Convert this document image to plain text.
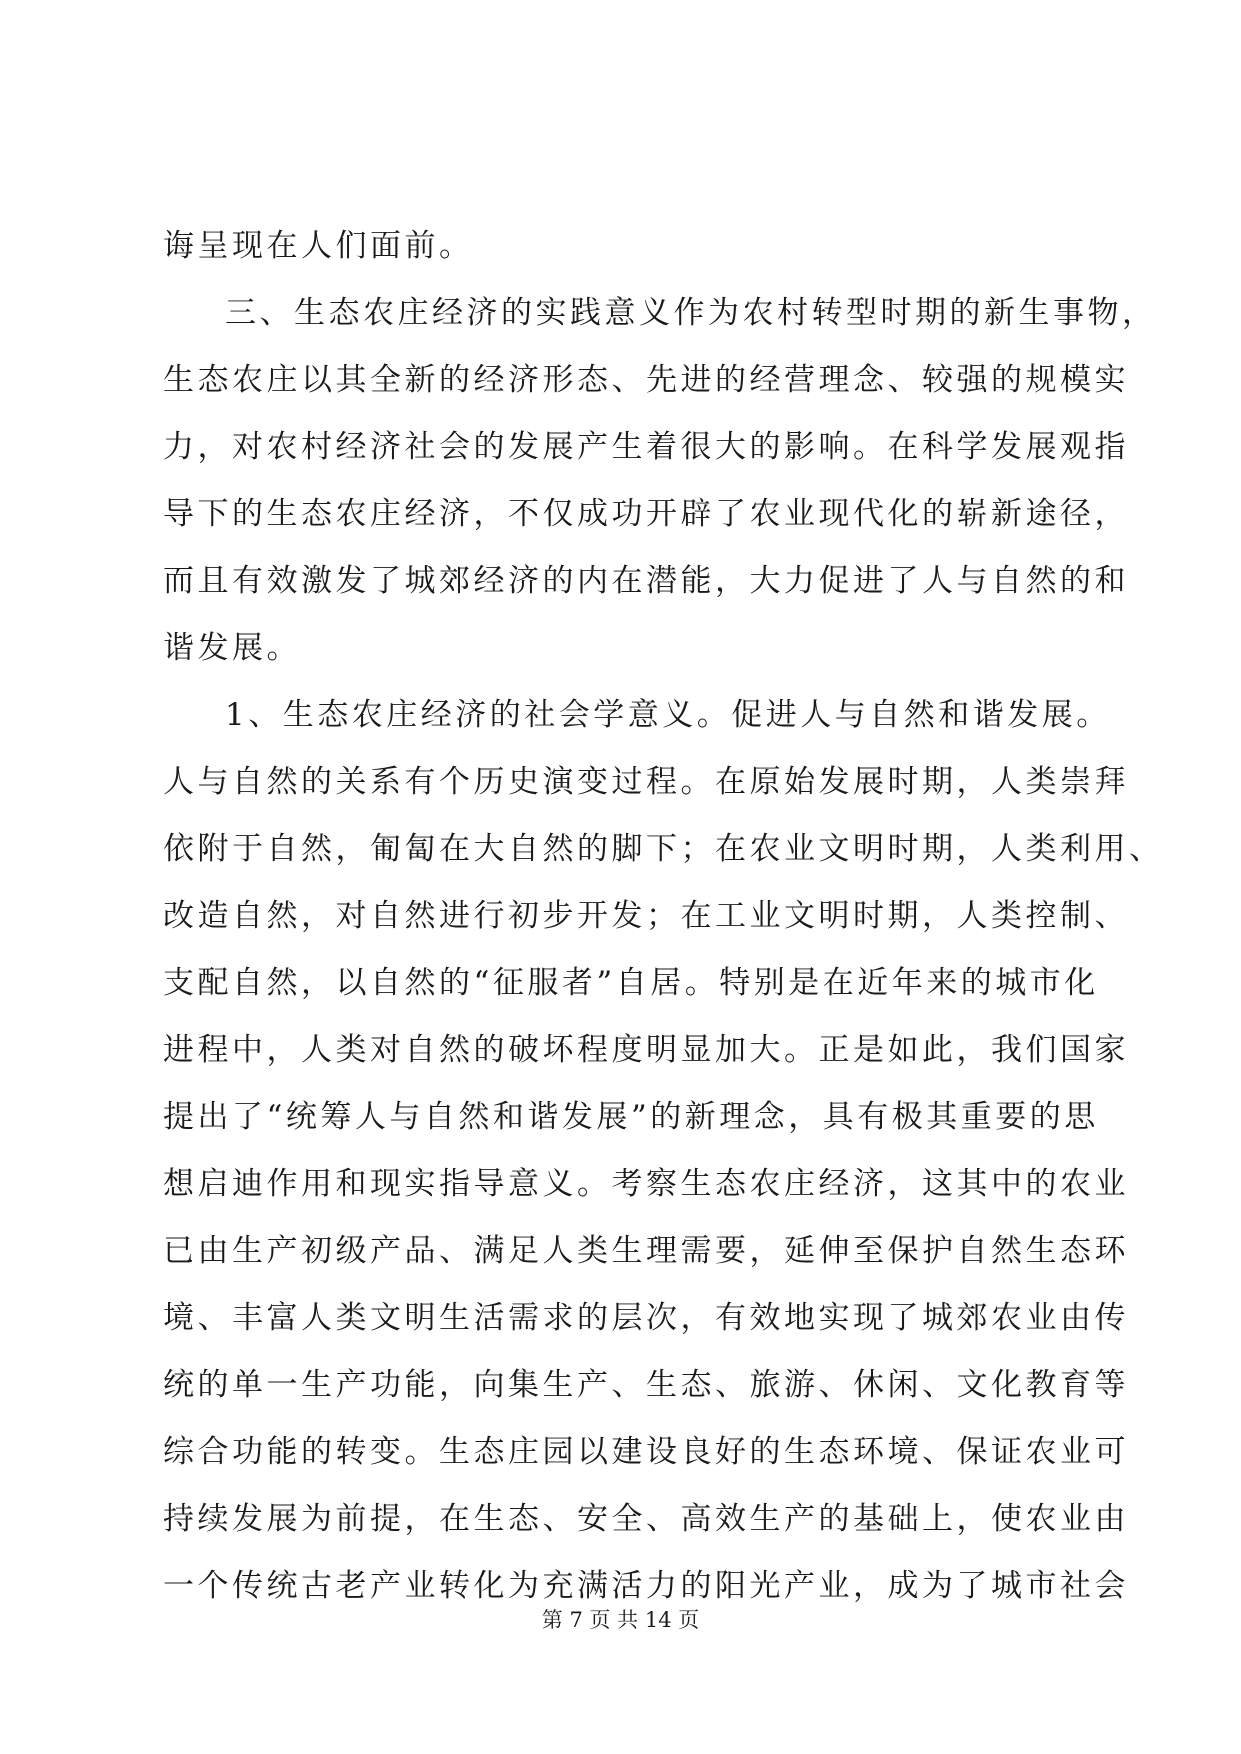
诲呈现在人们面前。
三、生态农庄经济的实践意义作为农村转型时期的新生事物，
生态农庄以其全新的经济形态、先进的经营理念、较强的规模实
力，对农村经济社会的发展产生着很大的影响。在科学发展观指
导下的生态农庄经济，不仅成功开辟了农业现代化的崭新途径，
而且有效激发了城郊经济的内在潜能，大力促进了人与自然的和
谐发展。
1、生态农庄经济的社会学意义。促进人与自然和谐发展。
人与自然的关系有个历史演变过程。在原始发展时期，人类崇拜
依附于自然，匍匐在大自然的脚下；在农业文明时期，人类利用、
改造自然，对自然进行初步开发；在工业文明时期，人类控制、
支配自然，以自然的“征服者”自居。特别是在近年来的城市化
进程中，人类对自然的破坏程度明显加大。正是如此，我们国家
提出了“统筹人与自然和谐发展”的新理念，具有极其重要的思
想启迪作用和现实指导意义。考察生态农庄经济，这其中的农业
已由生产初级产品、满足人类生理需要，延伸至保护自然生态环
境、丰富人类文明生活需求的层次，有效地实现了城郊农业由传
统的单一生产功能，向集生产、生态、旅游、休闲、文化教育等
综合功能的转变。生态庄园以建设良好的生态环境、保证农业可
持续发展为前提，在生态、安全、高效生产的基础上，使农业由
一个传统古老产业转化为充满活力的阳光产业，成为了城市社会
第 7 页 共 14 页
